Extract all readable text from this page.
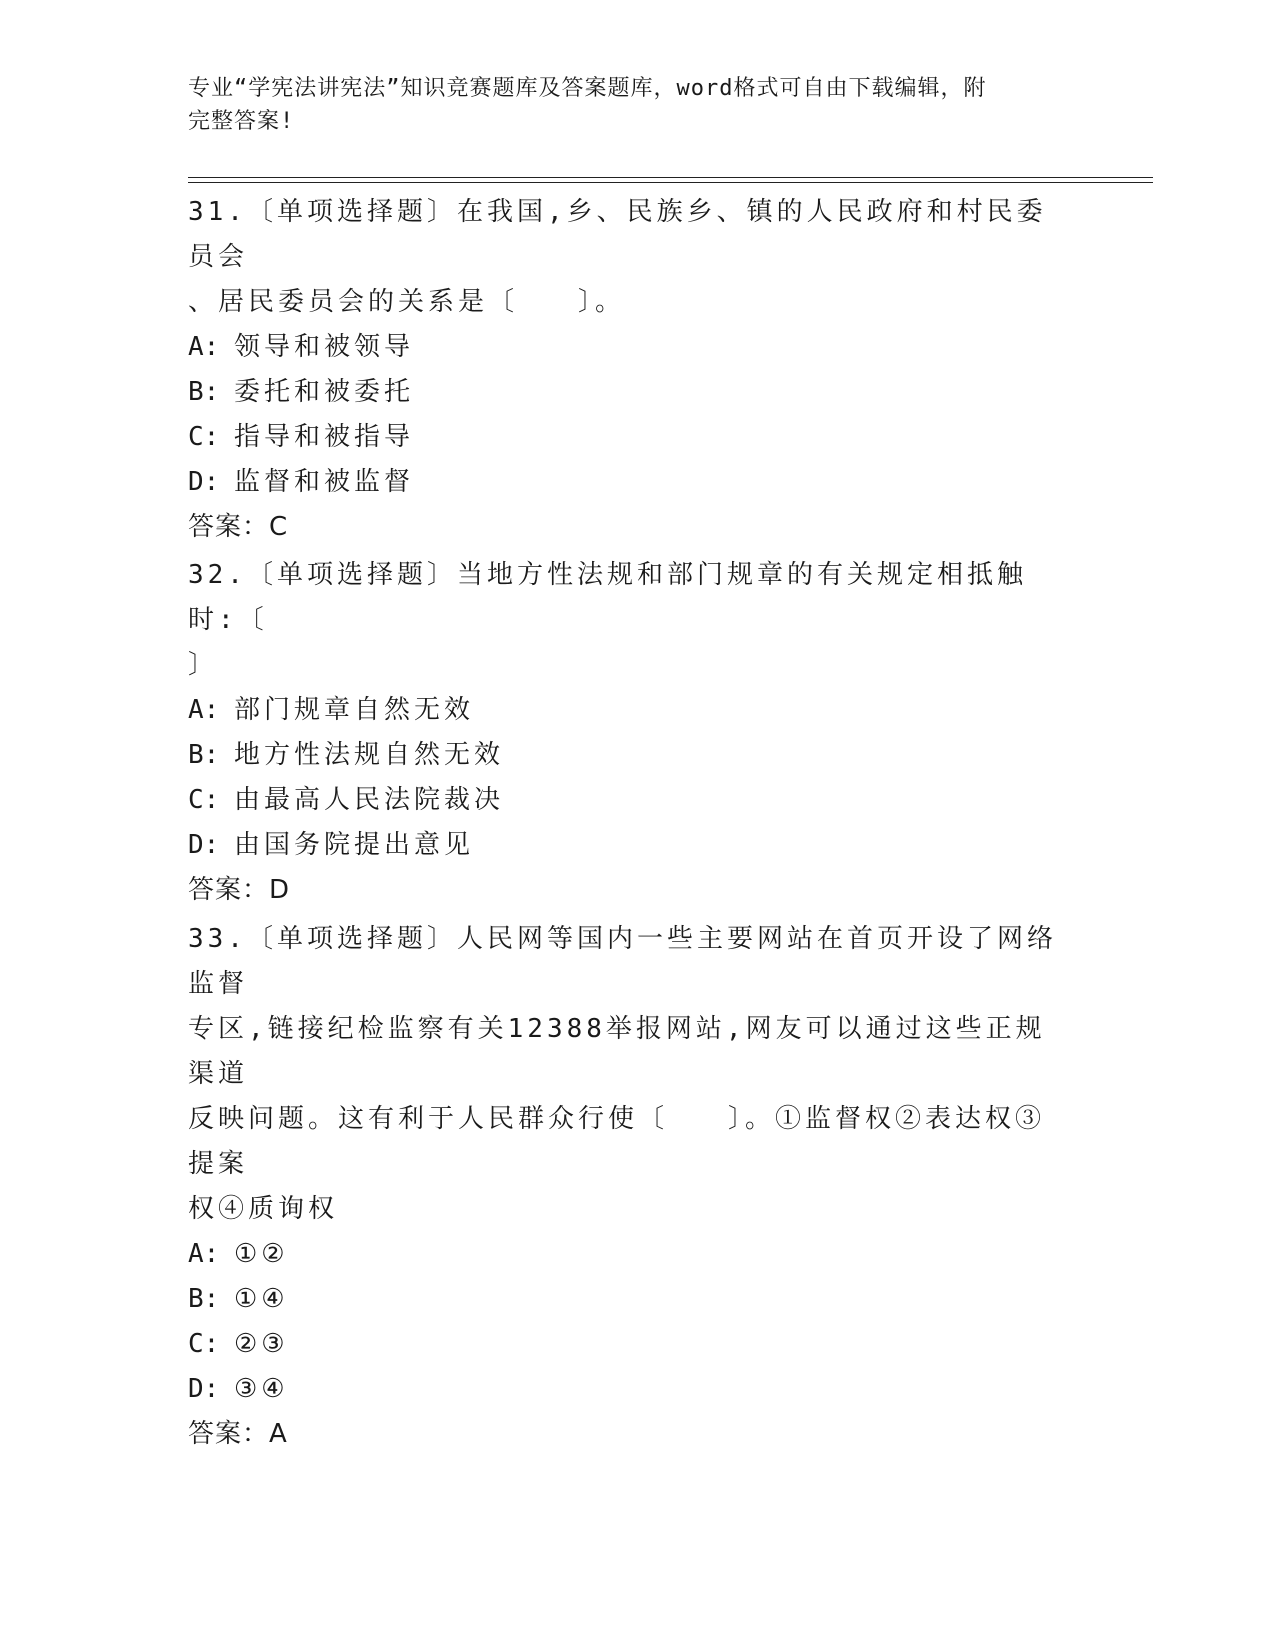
专业“学宪法讲宪法”知识竞赛题库及答案题库，word格式可自由下载编辑，附
完整答案!
31.〔单项选择题〕在我国,乡、民族乡、镇的人民政府和村民委员会
、居民委员会的关系是〔　　〕。
A: 领导和被领导
B: 委托和被委托
C: 指导和被指导
D: 监督和被监督
答案：C
32.〔单项选择题〕当地方性法规和部门规章的有关规定相抵触时:〔
〕
A: 部门规章自然无效
B: 地方性法规自然无效
C: 由最高人民法院裁决
D: 由国务院提出意见
答案：D
33.〔单项选择题〕人民网等国内一些主要网站在首页开设了网络监督
专区,链接纪检监察有关12388举报网站,网友可以通过这些正规渠道
反映问题。这有利于人民群众行使〔　　〕。①监督权②表达权③提案
权④质询权
A: ①②
B: ①④
C: ②③
D: ③④
答案：A
